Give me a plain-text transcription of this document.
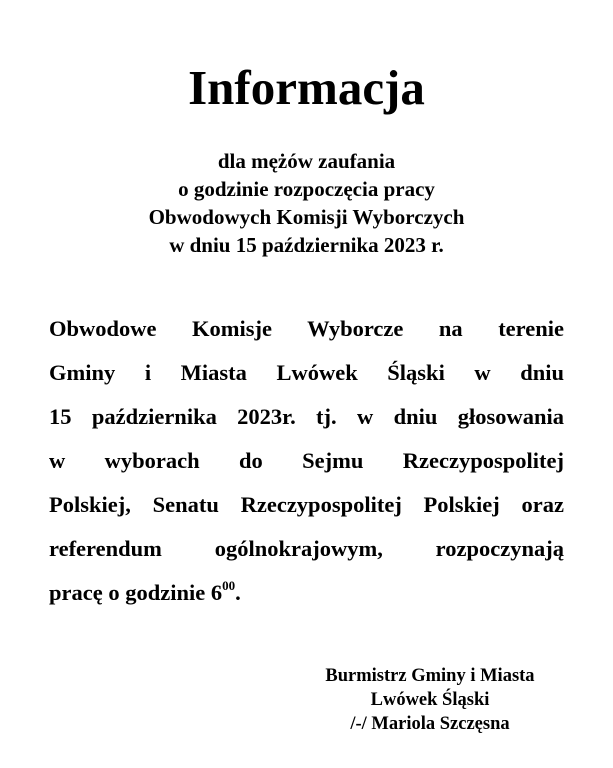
Informacja
dla mężów zaufania
o godzinie rozpoczęcia pracy
Obwodowych Komisji Wyborczych
w dniu 15 października 2023 r.
Obwodowe Komisje Wyborcze na terenie
Gminy i Miasta Lwówek Śląski w dniu
15 października 2023r. tj. w dniu głosowania
w wyborach do Sejmu Rzeczypospolitej
Polskiej, Senatu Rzeczypospolitej Polskiej oraz
referendum ogólnokrajowym, rozpoczynają
pracę o godzinie $6^{00}$.
Burmistrz Gminy i Miasta
Lwówek Śląski
/-/ Mariola Szczęsna
